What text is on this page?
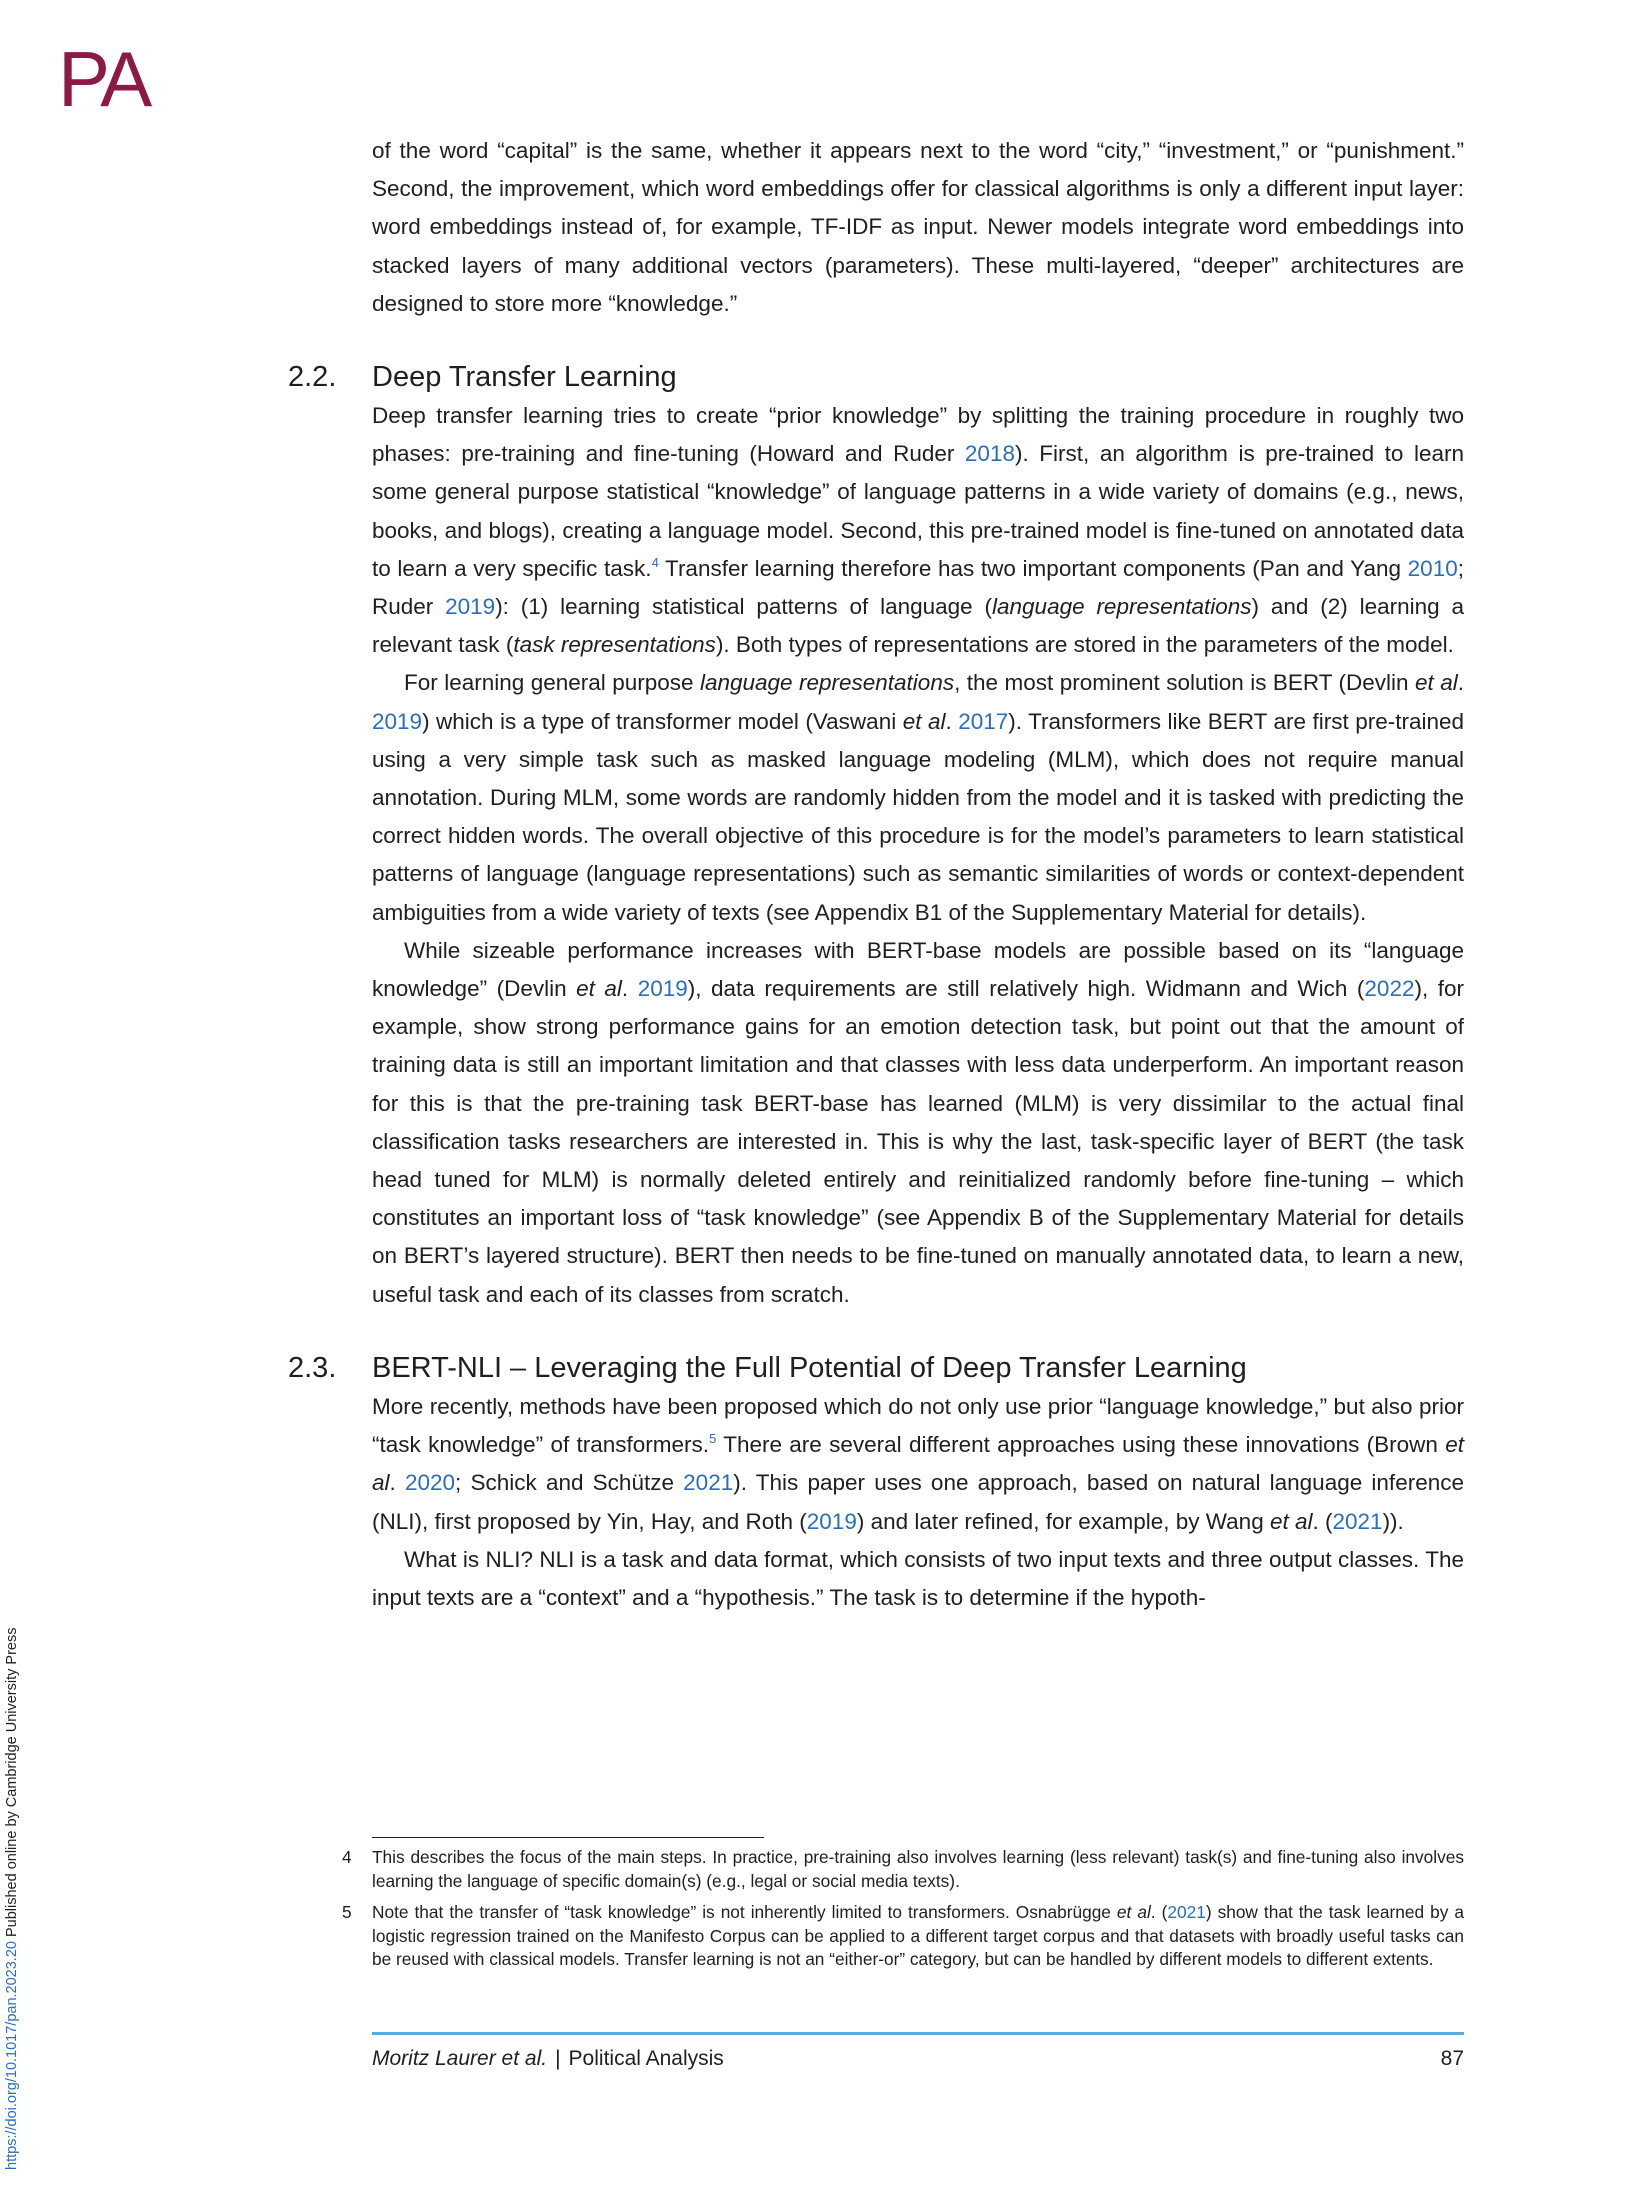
PA
https://doi.org/10.1017/pan.2023.20 Published online by Cambridge University Press

of the word “capital” is the same, whether it appears next to the word “city,” “investment,” or “punishment.” Second, the improvement, which word embeddings offer for classical algorithms is only a different input layer: word embeddings instead of, for example, TF-IDF as input. Newer models integrate word embeddings into stacked layers of many additional vectors (parameters). These multi-layered, “deeper” architectures are designed to store more “knowledge.”

2.2. Deep Transfer Learning

Deep transfer learning tries to create “prior knowledge” by splitting the training procedure in roughly two phases: pre-training and fine-tuning (Howard and Ruder 2018). First, an algorithm is pre-trained to learn some general purpose statistical “knowledge” of language patterns in a wide variety of domains (e.g., news, books, and blogs), creating a language model. Second, this pre-trained model is fine-tuned on annotated data to learn a very specific task.$^4$ Transfer learning therefore has two important components (Pan and Yang 2010; Ruder 2019): (1) learning statistical patterns of language (language representations) and (2) learning a relevant task (task representations). Both types of representations are stored in the parameters of the model.

For learning general purpose language representations, the most prominent solution is BERT (Devlin et al. 2019) which is a type of transformer model (Vaswani et al. 2017). Transformers like BERT are first pre-trained using a very simple task such as masked language modeling (MLM), which does not require manual annotation. During MLM, some words are randomly hidden from the model and it is tasked with predicting the correct hidden words. The overall objective of this procedure is for the model’s parameters to learn statistical patterns of language (language representations) such as semantic similarities of words or context-dependent ambiguities from a wide variety of texts (see Appendix B1 of the Supplementary Material for details).

While sizeable performance increases with BERT-base models are possible based on its “language knowledge” (Devlin et al. 2019), data requirements are still relatively high. Widmann and Wich (2022), for example, show strong performance gains for an emotion detection task, but point out that the amount of training data is still an important limitation and that classes with less data underperform. An important reason for this is that the pre-training task BERT-base has learned (MLM) is very dissimilar to the actual final classification tasks researchers are interested in. This is why the last, task-specific layer of BERT (the task head tuned for MLM) is normally deleted entirely and reinitialized randomly before fine-tuning – which constitutes an important loss of “task knowledge” (see Appendix B of the Supplementary Material for details on BERT’s layered structure). BERT then needs to be fine-tuned on manually annotated data, to learn a new, useful task and each of its classes from scratch.

2.3. BERT-NLI – Leveraging the Full Potential of Deep Transfer Learning

More recently, methods have been proposed which do not only use prior “language knowledge,” but also prior “task knowledge” of transformers.$^5$ There are several different approaches using these innovations (Brown et al. 2020; Schick and Schütze 2021). This paper uses one approach, based on natural language inference (NLI), first proposed by Yin, Hay, and Roth (2019) and later refined, for example, by Wang et al. (2021)).

What is NLI? NLI is a task and data format, which consists of two input texts and three output classes. The input texts are a “context” and a “hypothesis.” The task is to determine if the hypoth-

4 This describes the focus of the main steps. In practice, pre-training also involves learning (less relevant) task(s) and fine-tuning also involves learning the language of specific domain(s) (e.g., legal or social media texts).
5 Note that the transfer of “task knowledge” is not inherently limited to transformers. Osnabrügge et al. (2021) show that the task learned by a logistic regression trained on the Manifesto Corpus can be applied to a different target corpus and that datasets with broadly useful tasks can be reused with classical models. Transfer learning is not an “either-or” category, but can be handled by different models to different extents.
Moritz Laurer et al. | Political Analysis	87
